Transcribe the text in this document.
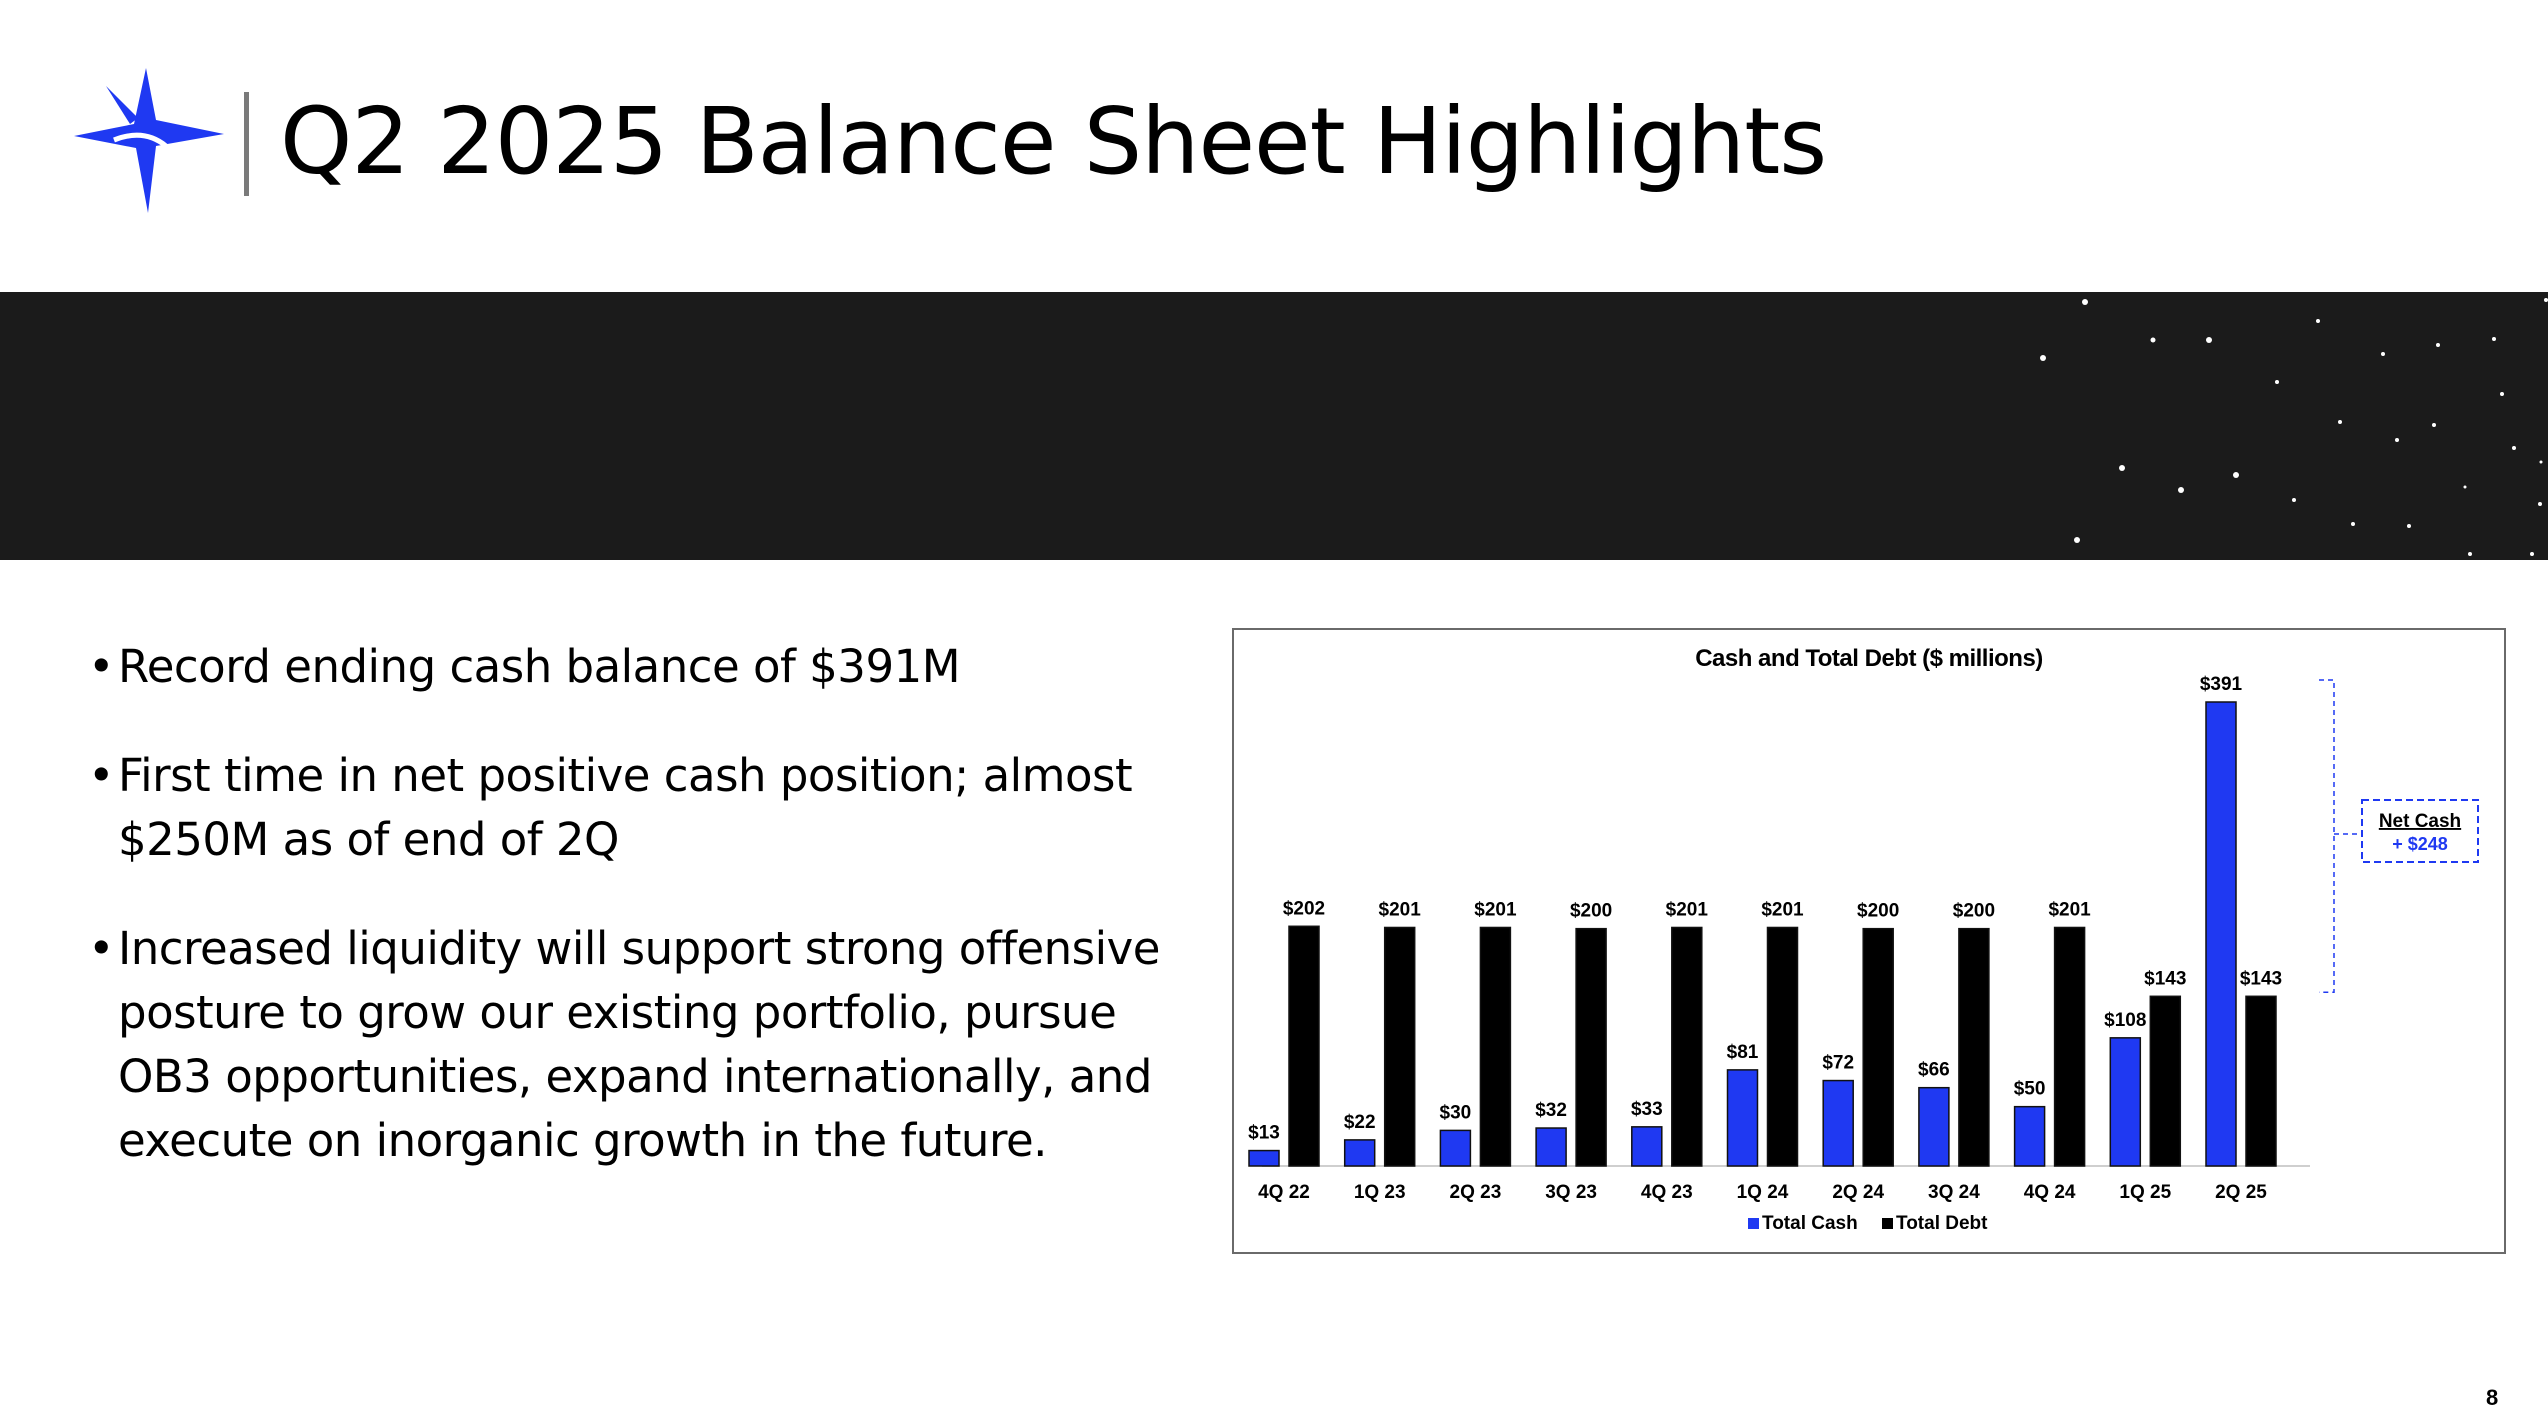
Q2 2025 Balance Sheet Highlights
• Record ending cash balance of $391M
• First time in net positive cash position; almost $250M as of end of 2Q
• Increased liquidity will support strong offensive posture to grow our existing portfolio, pursue OB3 opportunities, expand internationally, and execute on inorganic growth in the future.
Cash and Total Debt ($ millions)
$13
$202
4Q 22
$22
$201
1Q 23
$30
$201
2Q 23
$32
$200
3Q 23
$33
$201
4Q 23
$81
$201
1Q 24
$72
$200
2Q 24
$66
$200
3Q 24
$50
$201
4Q 24
$108
$143
1Q 25
$391
$143
2Q 25
Net Cash
+ $248
Total Cash Total Debt
8
